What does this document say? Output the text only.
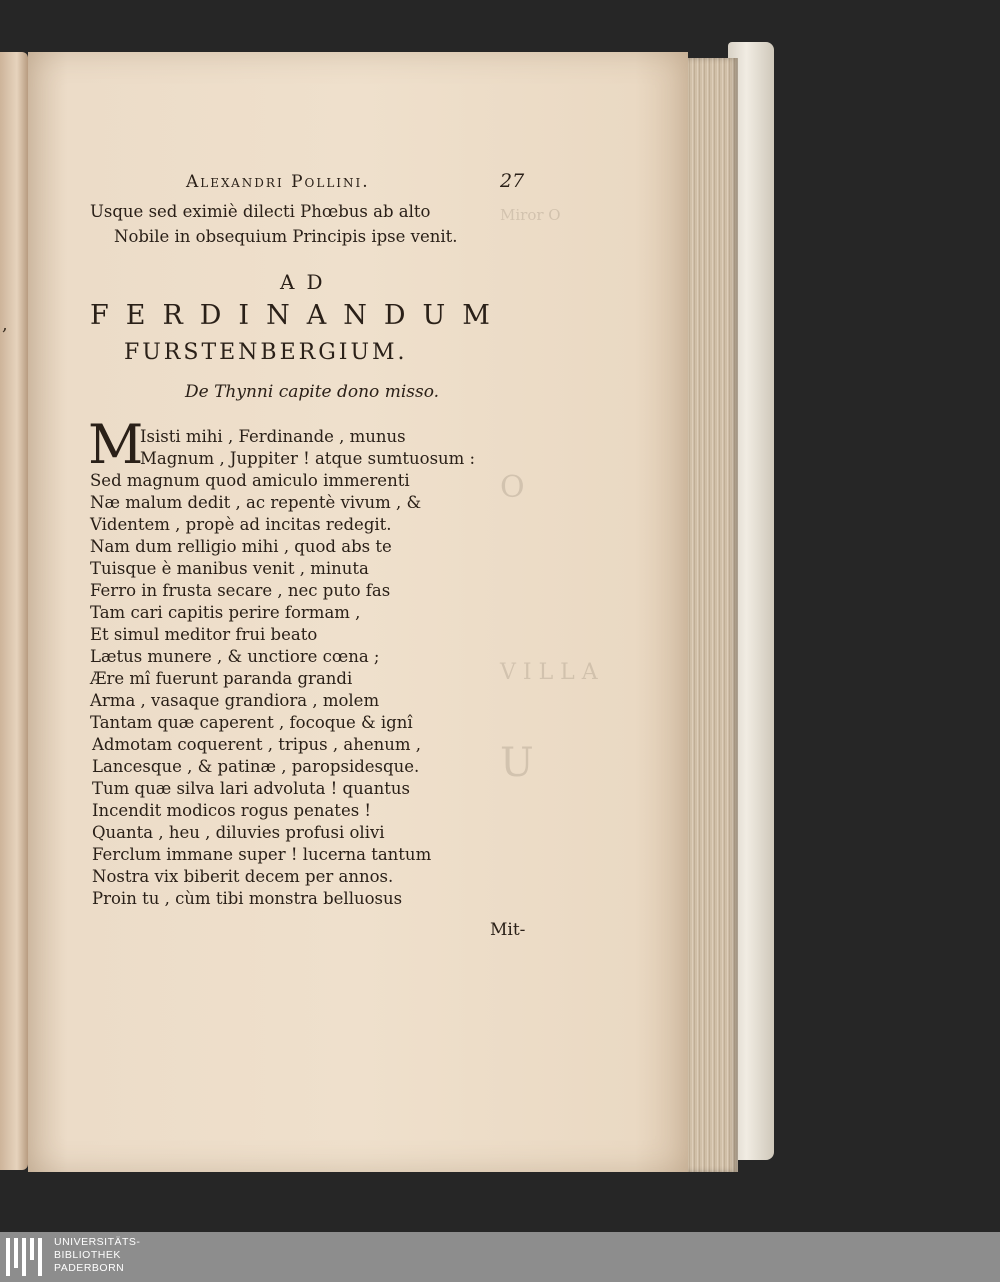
,
Miror O
O
V I L L A
U
Alexandri Pollini.	27
Usque sed eximiè dilecti Phœbus ab alto
Nobile in obsequium Principis ipse venit.
AD
FERDINANDUM
FURSTENBERGIUM.
De Thynni capite dono misso.
M
Isisti mihi , Ferdinande , munus
Magnum , Juppiter ! atque sumtuosum :
Sed magnum quod amiculo immerenti
Næ malum dedit , ac repentè vivum , &
Videntem , propè ad incitas redegit.
Nam dum relligio mihi , quod abs te
Tuisque è manibus venit , minuta
Ferro in frusta secare , nec puto fas
Tam cari capitis perire formam ,
Et simul meditor frui beato
Lætus munere , & unctiore cœna ;
Ære mî fuerunt paranda grandi
Arma , vasaque grandiora , molem
Tantam quæ caperent , focoque & ignî
Admotam coquerent , tripus , ahenum ,
Lancesque , & patinæ , paropsidesque.
Tum quæ silva lari advoluta ! quantus
Incendit modicos rogus penates !
Quanta , heu , diluvies profusi olivi
Ferclum immane super ! lucerna tantum
Nostra vix biberit decem per annos.
Proin tu , cùm tibi monstra belluosus
Mit-
UNIVERSITÄTS-
BIBLIOTHEK
PADERBORN
